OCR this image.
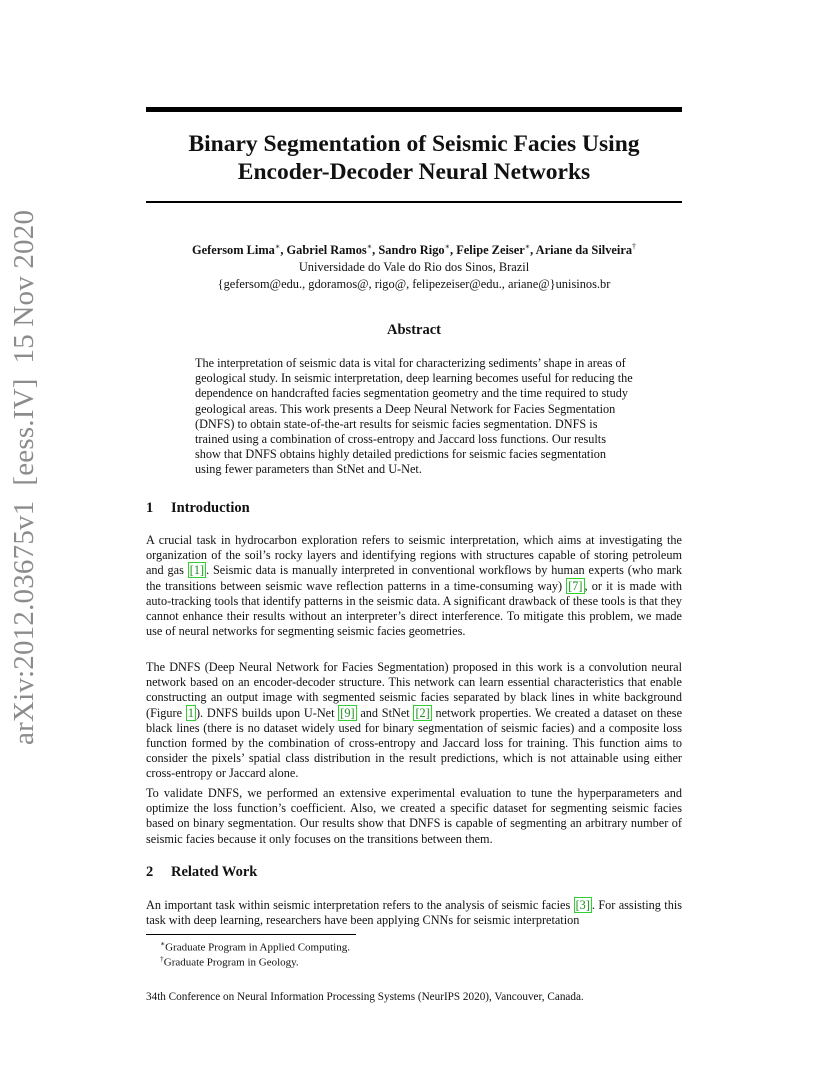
arXiv:2012.03675v1  [eess.IV]  15 Nov 2020
Binary Segmentation of Seismic Facies Using Encoder-Decoder Neural Networks
Gefersom Lima∗, Gabriel Ramos∗, Sandro Rigo∗, Felipe Zeiser∗, Ariane da Silveira†
Universidade do Vale do Rio dos Sinos, Brazil
{gefersom@edu., gdoramos@, rigo@, felipezeiser@edu., ariane@}unisinos.br
Abstract
The interpretation of seismic data is vital for characterizing sediments’ shape in areas of geological study. In seismic interpretation, deep learning becomes useful for reducing the dependence on handcrafted facies segmentation geometry and the time required to study geological areas. This work presents a Deep Neural Network for Facies Segmentation (DNFS) to obtain state-of-the-art results for seismic facies segmentation. DNFS is trained using a combination of cross-entropy and Jaccard loss functions. Our results show that DNFS obtains highly detailed predictions for seismic facies segmentation using fewer parameters than StNet and U-Net.
1 Introduction
A crucial task in hydrocarbon exploration refers to seismic interpretation, which aims at investigating the organization of the soil’s rocky layers and identifying regions with structures capable of storing petroleum and gas [1] . Seismic data is manually interpreted in conventional workflows by human experts (who mark the transitions between seismic wave reflection patterns in a time-consuming way) [7] , or it is made with auto-tracking tools that identify patterns in the seismic data. A significant drawback of these tools is that they cannot enhance their results without an interpreter’s direct interference. To mitigate this problem, we made use of neural networks for segmenting seismic facies geometries.
The DNFS (Deep Neural Network for Facies Segmentation) proposed in this work is a convolution neural network based on an encoder-decoder structure. This network can learn essential characteristics that enable constructing an output image with segmented seismic facies separated by black lines in white background (Figure 1 ). DNFS builds upon U-Net [9] and StNet [2] network properties. We created a dataset on these black lines (there is no dataset widely used for binary segmentation of seismic facies) and a composite loss function formed by the combination of cross-entropy and Jaccard loss for training. This function aims to consider the pixels’ spatial class distribution in the result predictions, which is not attainable using either cross-entropy or Jaccard alone.
To validate DNFS, we performed an extensive experimental evaluation to tune the hyperparameters and optimize the loss function’s coefficient. Also, we created a specific dataset for segmenting seismic facies based on binary segmentation. Our results show that DNFS is capable of segmenting an arbitrary number of seismic facies because it only focuses on the transitions between them.
2 Related Work
An important task within seismic interpretation refers to the analysis of seismic facies [3] . For assisting this task with deep learning, researchers have been applying CNNs for seismic interpretation
∗Graduate Program in Applied Computing.
†Graduate Program in Geology.
34th Conference on Neural Information Processing Systems (NeurIPS 2020), Vancouver, Canada.
